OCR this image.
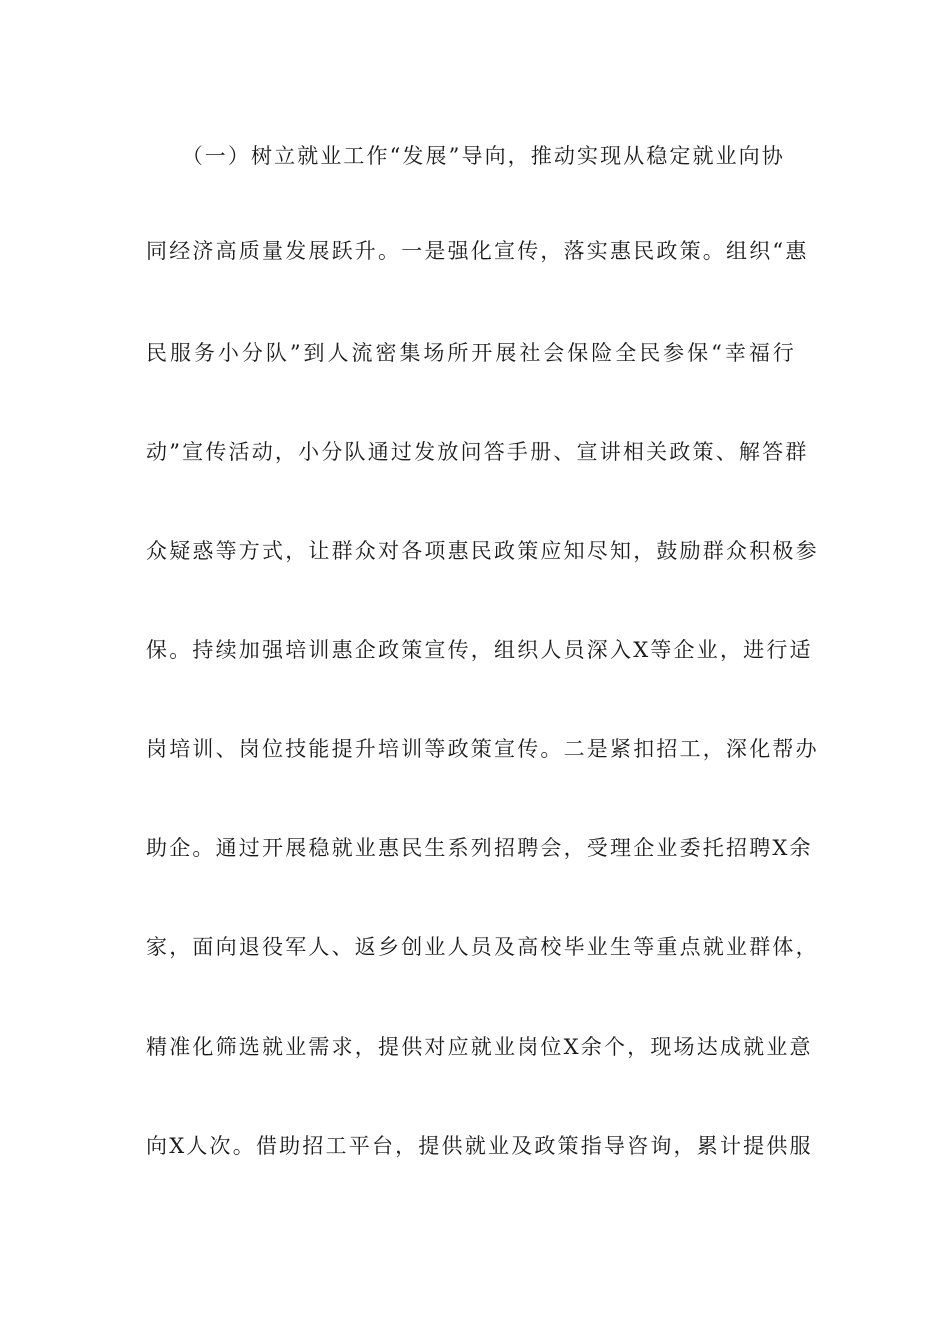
　　（一）树立就业工作“发展”导向，推动实现从稳定就业向协
同经济高质量发展跃升。一是强化宣传，落实惠民政策。组织“惠
民服务小分队”到人流密集场所开展社会保险全民参保“幸福行
动”宣传活动，小分队通过发放问答手册、宣讲相关政策、解答群
众疑惑等方式，让群众对各项惠民政策应知尽知，鼓励群众积极参
保。持续加强培训惠企政策宣传，组织人员深入X等企业，进行适
岗培训、岗位技能提升培训等政策宣传。二是紧扣招工，深化帮办
助企。通过开展稳就业惠民生系列招聘会，受理企业委托招聘X余
家，面向退役军人、返乡创业人员及高校毕业生等重点就业群体，
精准化筛选就业需求，提供对应就业岗位X余个，现场达成就业意
向X人次。借助招工平台，提供就业及政策指导咨询，累计提供服
